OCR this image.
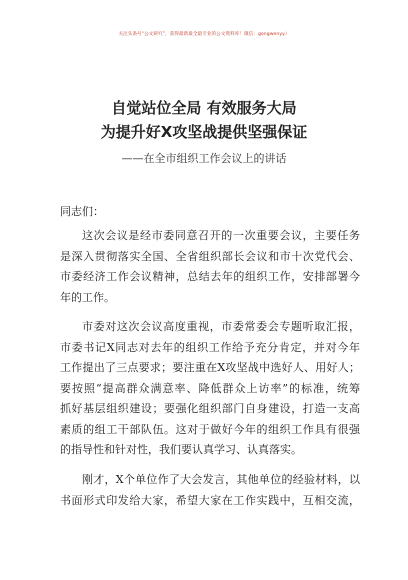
关注头条号“公文研究”，获得最新最全最专业的公文资料库！微信：gongwenyy）
自觉站位全局 有效服务大局
为提升好X攻坚战提供坚强保证
——在全市组织工作会议上的讲话
同志们：
这次会议是经市委同意召开的一次重要会议，主要任务
是深入贯彻落实全国、全省组织部长会议和市十次党代会、
市委经济工作会议精神，总结去年的组织工作，安排部署今
年的工作。
市委对这次会议高度重视，市委常委会专题听取汇报，
市委书记X同志对去年的组织工作给予充分肯定，并对今年
工作提出了三点要求；要注重在X攻坚战中选好人、用好人；
要按照“提高群众满意率、降低群众上访率”的标准，统筹
抓好基层组织建设；要强化组织部门自身建设，打造一支高
素质的组工干部队伍。这对于做好今年的组织工作具有很强
的指导性和针对性，我们要认真学习、认真落实。
刚才，X个单位作了大会发言，其他单位的经验材料，以
书面形式印发给大家，希望大家在工作实践中，互相交流，
